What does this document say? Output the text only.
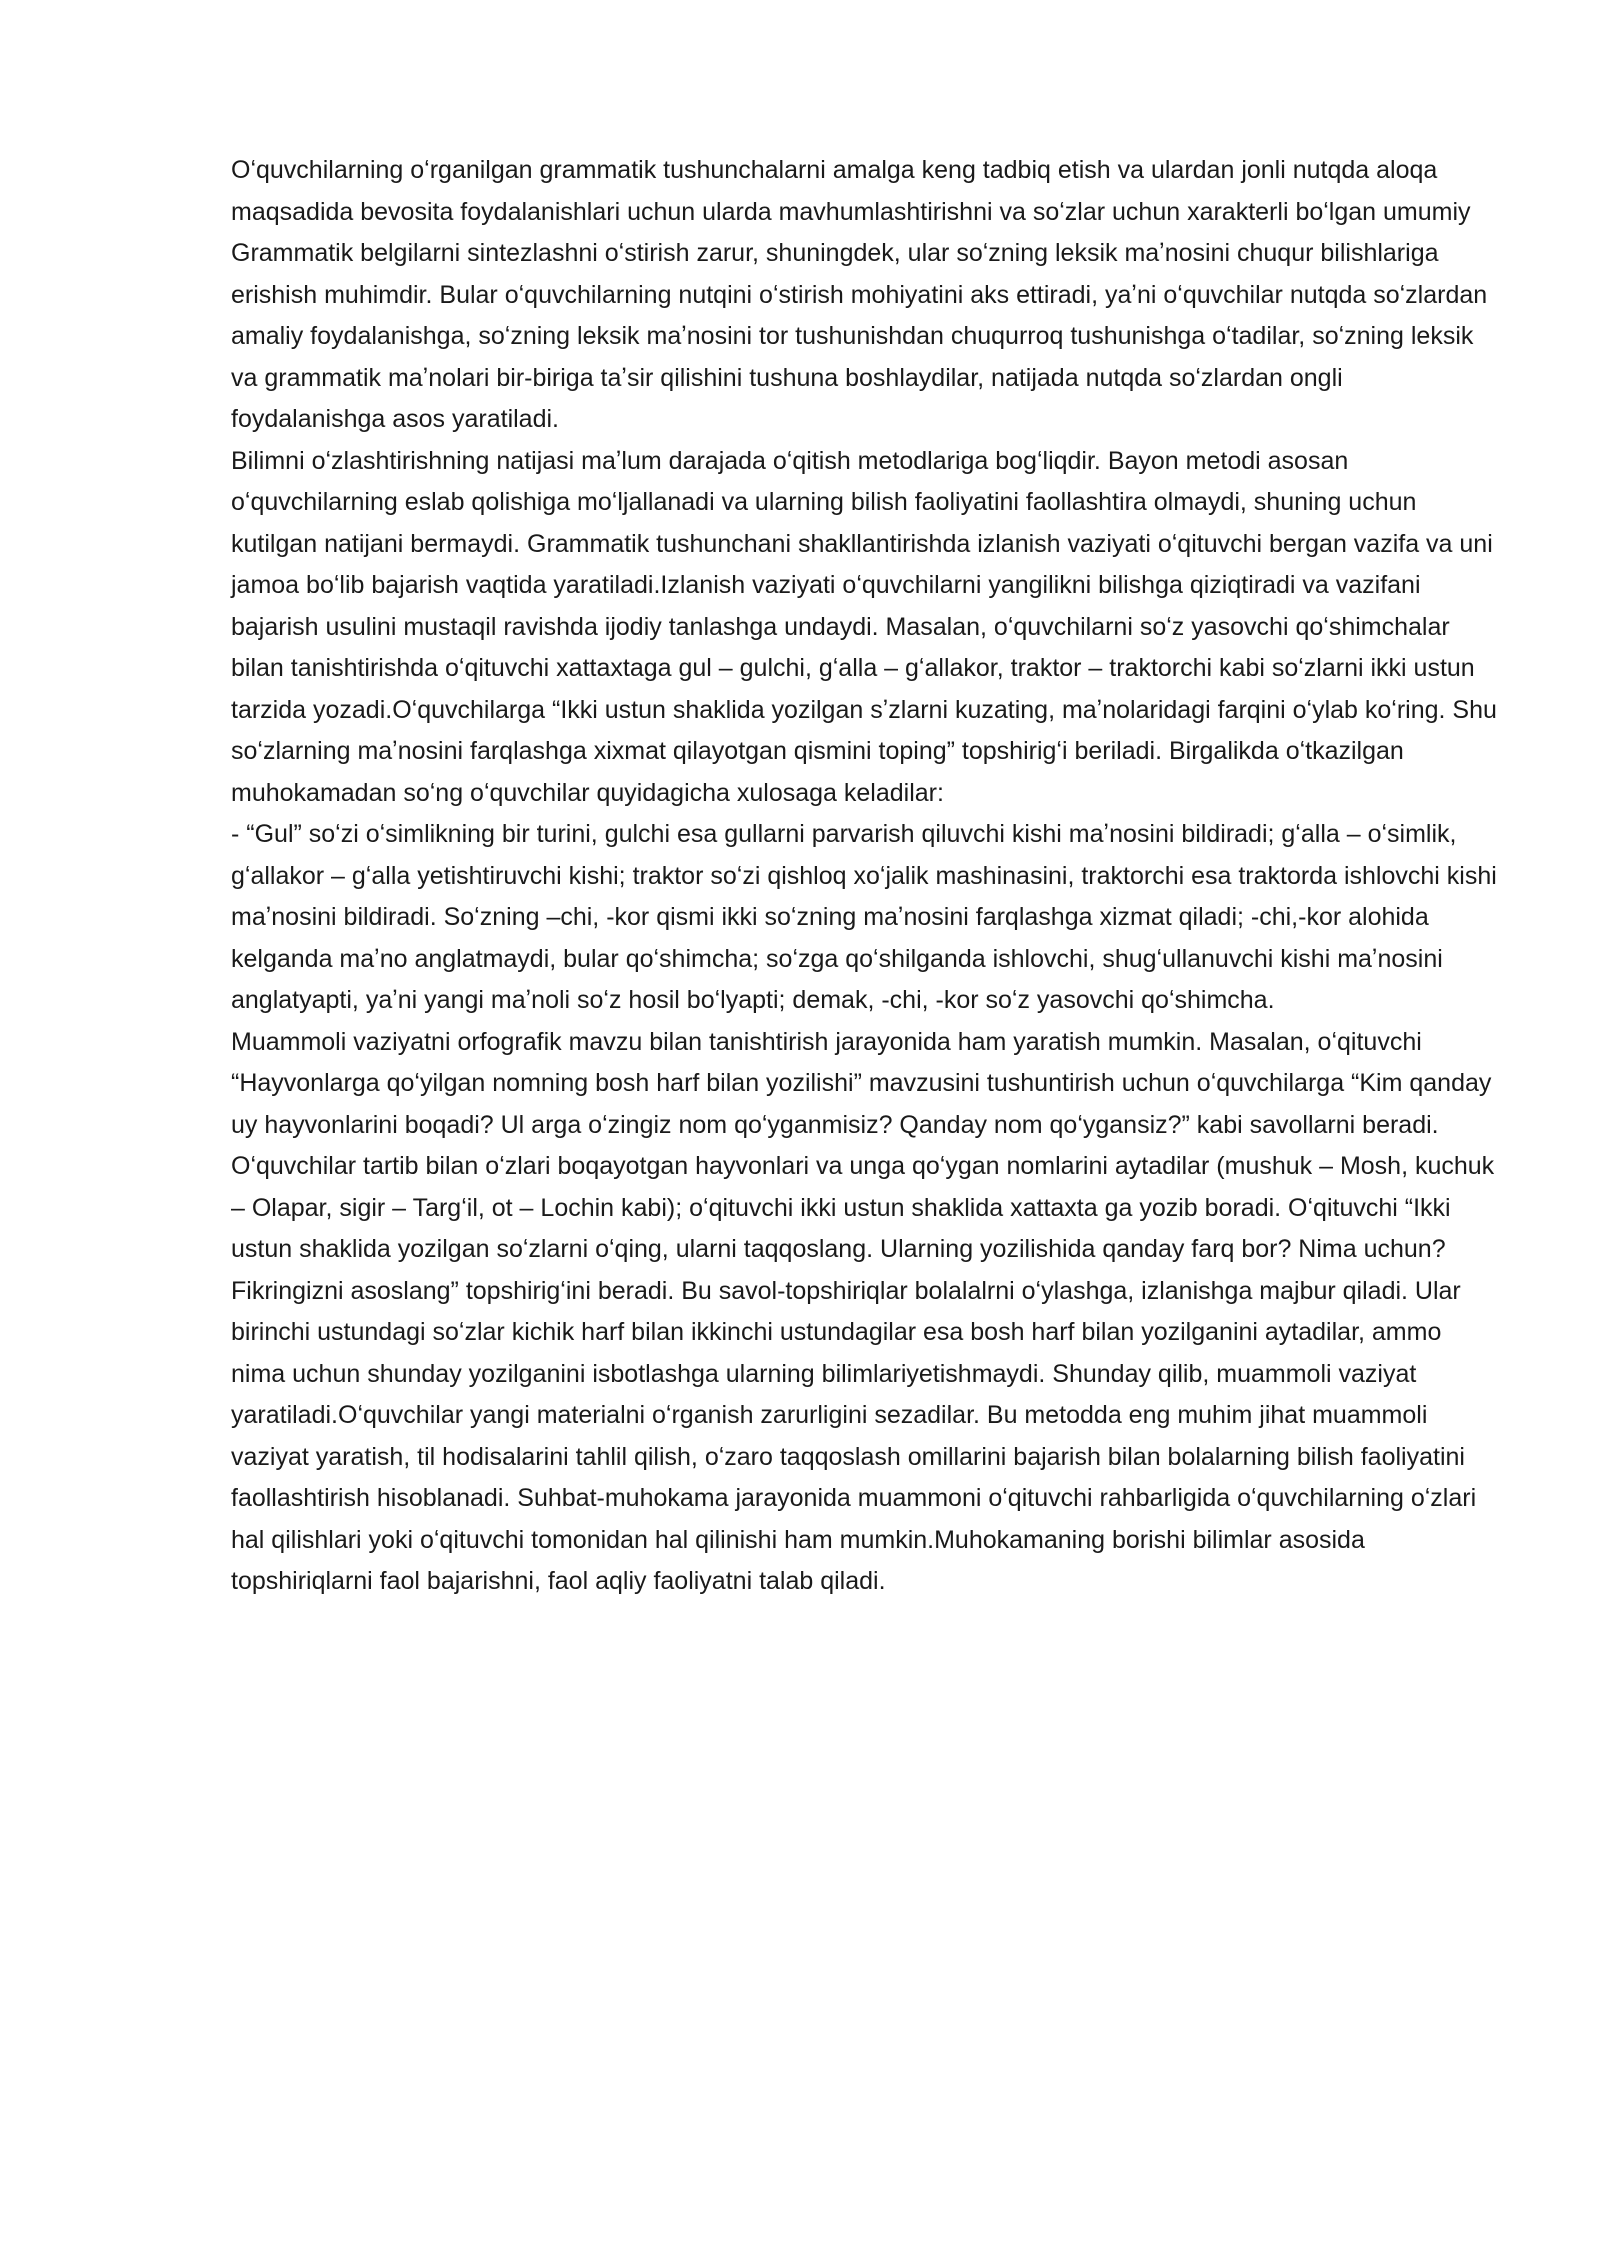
Oʻquvchilarning oʻrganilgan grammatik tushunchalarni amalga keng tadbiq etish va ulardan jonli nutqda aloqa maqsadida bevosita foydalanishlari uchun ularda mavhumlashtirishni va soʻzlar uchun xarakterli boʻlgan umumiy Grammatik belgilarni sintezlashni oʻstirish zarur, shuningdek, ular soʻzning leksik maʼnosini chuqur bilishlariga erishish muhimdir. Bular oʻquvchilarning nutqini oʻstirish mohiyatini aks ettiradi, yaʼni oʻquvchilar nutqda soʻzlardan amaliy foydalanishga, soʻzning leksik maʼnosini tor tushunishdan chuqurroq tushunishga oʻtadilar, soʻzning leksik va grammatik maʼnolari bir-biriga taʼsir qilishini tushuna boshlaydilar, natijada nutqda soʻzlardan ongli foydalanishga asos yaratiladi.

Bilimni oʻzlashtirishning natijasi maʼlum darajada oʻqitish metodlariga bogʻliqdir. Bayon metodi asosan oʻquvchilarning eslab qolishiga moʻljallanadi va ularning bilish faoliyatini faollashtira olmaydi, shuning uchun kutilgan natijani bermaydi. Grammatik tushunchani shakllantirishda izlanish vaziyati oʻqituvchi bergan vazifa va uni jamoa boʻlib bajarish vaqtida yaratiladi.Izlanish vaziyati oʻquvchilarni yangilikni bilishga qiziqtiradi va vazifani bajarish usulini mustaqil ravishda ijodiy tanlashga undaydi. Masalan, oʻquvchilarni soʻz yasovchi qoʻshimchalar bilan tanishtirishda oʻqituvchi xattaxtaga gul – gulchi, gʻalla – gʻallakor, traktor – traktorchi kabi soʻzlarni ikki ustun tarzida yozadi.Oʻquvchilarga “Ikki ustun shaklida yozilgan sʼzlarni kuzating, maʼnolaridagi farqini oʻylab koʻring. Shu soʻzlarning maʼnosini farqlashga xixmat qilayotgan qismini toping” topshirigʻi beriladi. Birgalikda oʻtkazilgan muhokamadan soʻng oʻquvchilar quyidagicha xulosaga keladilar:

- “Gul” soʻzi oʻsimlikning bir turini, gulchi esa gullarni parvarish qiluvchi kishi maʼnosini bildiradi; gʻalla – oʻsimlik, gʻallakor – gʻalla yetishtiruvchi kishi; traktor soʻzi qishloq xoʻjalik mashinasini, traktorchi esa traktorda ishlovchi kishi maʼnosini bildiradi. Soʻzning –chi, -kor qismi ikki soʻzning maʼnosini farqlashga xizmat qiladi; -chi,-kor alohida kelganda maʼno anglatmaydi, bular qoʻshimcha; soʻzga qoʻshilganda ishlovchi, shugʻullanuvchi kishi maʼnosini anglatyapti, yaʼni yangi maʼnoli soʻz hosil boʻlyapti; demak, -chi, -kor soʻz yasovchi qoʻshimcha.

Muammoli vaziyatni orfografik mavzu bilan tanishtirish jarayonida ham yaratish mumkin. Masalan, oʻqituvchi “Hayvonlarga qoʻyilgan nomning bosh harf bilan yozilishi” mavzusini tushuntirish uchun oʻquvchilarga “Kim qanday uy hayvonlarini boqadi? Ul arga oʻzingiz nom qoʻyganmisiz? Qanday nom qoʻygansiz?” kabi savollarni beradi. Oʻquvchilar tartib bilan oʻzlari boqayotgan hayvonlari va unga qoʻygan nomlarini aytadilar (mushuk – Mosh, kuchuk – Olapar, sigir – Targʻil, ot – Lochin kabi); oʻqituvchi ikki ustun shaklida xattaxta ga yozib boradi. Oʻqituvchi “Ikki ustun shaklida yozilgan soʻzlarni oʻqing, ularni taqqoslang. Ularning yozilishida qanday farq bor? Nima uchun? Fikringizni asoslang” topshirigʻini beradi. Bu savol-topshiriqlar bolalalrni oʻylashga, izlanishga majbur qiladi. Ular birinchi ustundagi soʻzlar kichik harf bilan ikkinchi ustundagilar esa bosh harf bilan yozilganini aytadilar, ammo nima uchun shunday yozilganini isbotlashga ularning bilimlariyetishmaydi. Shunday qilib, muammoli vaziyat yaratiladi.Oʻquvchilar yangi materialni oʻrganish zarurligini sezadilar. Bu metodda eng muhim jihat muammoli vaziyat yaratish, til hodisalarini tahlil qilish, oʻzaro taqqoslash omillarini bajarish bilan bolalarning bilish faoliyatini faollashtirish hisoblanadi. Suhbat-muhokama jarayonida muammoni oʻqituvchi rahbarligida oʻquvchilarning oʻzlari hal qilishlari yoki oʻqituvchi tomonidan hal qilinishi ham mumkin.Muhokamaning borishi bilimlar asosida topshiriqlarni faol bajarishni, faol aqliy faoliyatni talab qiladi.
